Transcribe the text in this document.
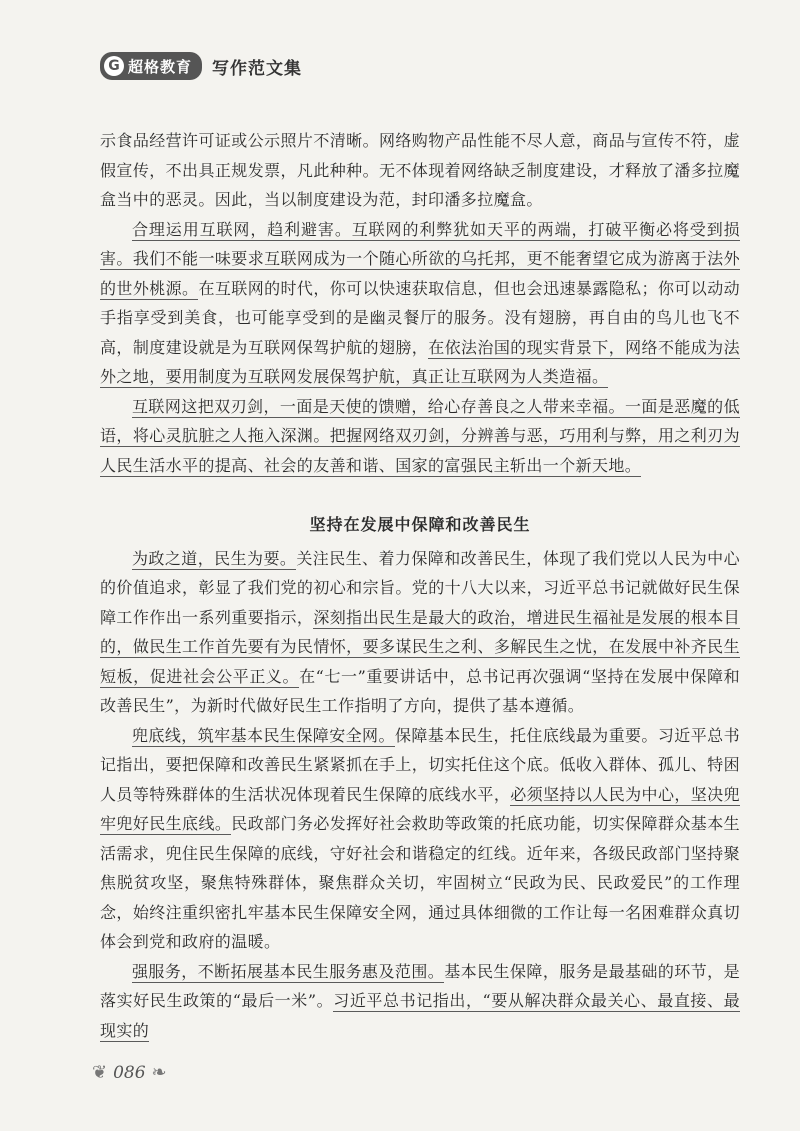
G 超格教育 写作范文集

示食品经营许可证或公示照片不清晰。网络购物产品性能不尽人意，商品与宣传不符，虚假宣传，不出具正规发票，凡此种种。无不体现着网络缺乏制度建设，才释放了潘多拉魔盒当中的恶灵。因此，当以制度建设为范，封印潘多拉魔盒。

合理运用互联网，趋利避害。互联网的利弊犹如天平的两端，打破平衡必将受到损害。我们不能一味要求互联网成为一个随心所欲的乌托邦，更不能奢望它成为游离于法外的世外桃源。在互联网的时代，你可以快速获取信息，但也会迅速暴露隐私；你可以动动手指享受到美食，也可能享受到的是幽灵餐厅的服务。没有翅膀，再自由的鸟儿也飞不高，制度建设就是为互联网保驾护航的翅膀，在依法治国的现实背景下，网络不能成为法外之地，要用制度为互联网发展保驾护航，真正让互联网为人类造福。

互联网这把双刃剑，一面是天使的馈赠，给心存善良之人带来幸福。一面是恶魔的低语，将心灵肮脏之人拖入深渊。把握网络双刃剑，分辨善与恶，巧用利与弊，用之利刃为人民生活水平的提高、社会的友善和谐、国家的富强民主斩出一个新天地。

坚持在发展中保障和改善民生

为政之道，民生为要。关注民生、着力保障和改善民生，体现了我们党以人民为中心的价值追求，彰显了我们党的初心和宗旨。党的十八大以来，习近平总书记就做好民生保障工作作出一系列重要指示，深刻指出民生是最大的政治，增进民生福祉是发展的根本目的，做民生工作首先要有为民情怀，要多谋民生之利、多解民生之忧，在发展中补齐民生短板，促进社会公平正义。在“七一”重要讲话中，总书记再次强调“坚持在发展中保障和改善民生”，为新时代做好民生工作指明了方向，提供了基本遵循。

兜底线，筑牢基本民生保障安全网。保障基本民生，托住底线最为重要。习近平总书记指出，要把保障和改善民生紧紧抓在手上，切实托住这个底。低收入群体、孤儿、特困人员等特殊群体的生活状况体现着民生保障的底线水平，必须坚持以人民为中心，坚决兜牢兜好民生底线。民政部门务必发挥好社会救助等政策的托底功能，切实保障群众基本生活需求，兜住民生保障的底线，守好社会和谐稳定的红线。近年来，各级民政部门坚持聚焦脱贫攻坚，聚焦特殊群体，聚焦群众关切，牢固树立“民政为民、民政爱民”的工作理念，始终注重织密扎牢基本民生保障安全网，通过具体细微的工作让每一名困难群众真切体会到党和政府的温暖。

强服务，不断拓展基本民生服务惠及范围。基本民生保障，服务是最基础的环节，是落实好民生政策的“最后一米”。习近平总书记指出，“要从解决群众最关心、最直接、最现实的

❦ 086 ❧
